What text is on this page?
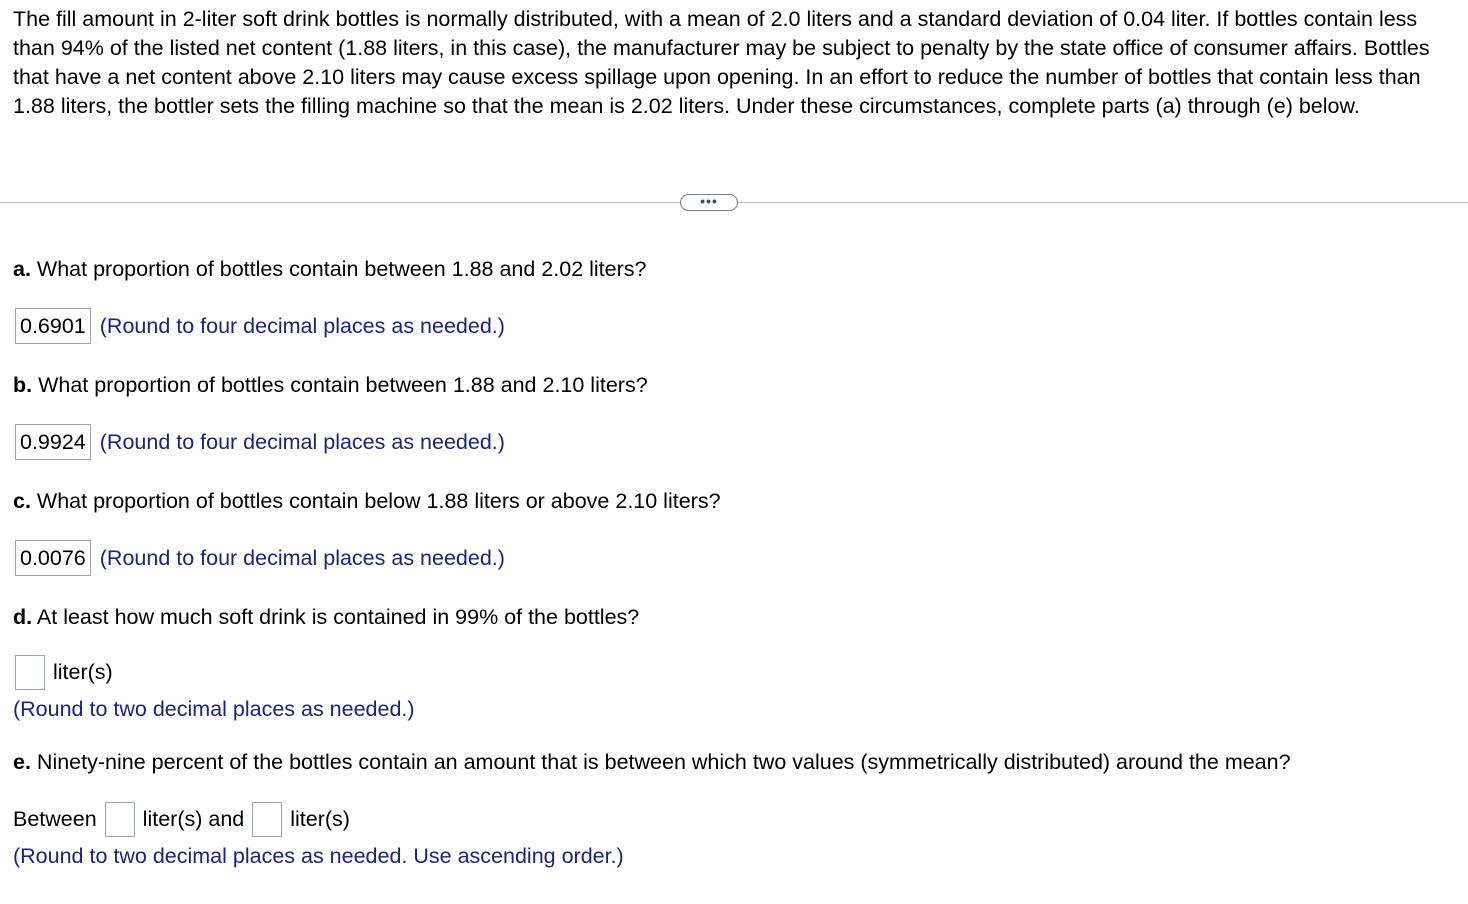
The fill amount in 2-liter soft drink bottles is normally distributed, with a mean of 2.0 liters and a standard deviation of 0.04 liter. If bottles contain less than 94% of the listed net content (1.88 liters, in this case), the manufacturer may be subject to penalty by the state office of consumer affairs. Bottles that have a net content above 2.10 liters may cause excess spillage upon opening. In an effort to reduce the number of bottles that contain less than 1.88 liters, the bottler sets the filling machine so that the mean is 2.02 liters. Under these circumstances, complete parts (a) through (e) below.
•••
a. What proportion of bottles contain between 1.88 and 2.02 liters?
0.6901 (Round to four decimal places as needed.)
b. What proportion of bottles contain between 1.88 and 2.10 liters?
0.9924 (Round to four decimal places as needed.)
c. What proportion of bottles contain below 1.88 liters or above 2.10 liters?
0.0076 (Round to four decimal places as needed.)
d. At least how much soft drink is contained in 99% of the bottles?
liter(s)
(Round to two decimal places as needed.)
e. Ninety-nine percent of the bottles contain an amount that is between which two values (symmetrically distributed) around the mean?
Between liter(s) and liter(s)
(Round to two decimal places as needed. Use ascending order.)
